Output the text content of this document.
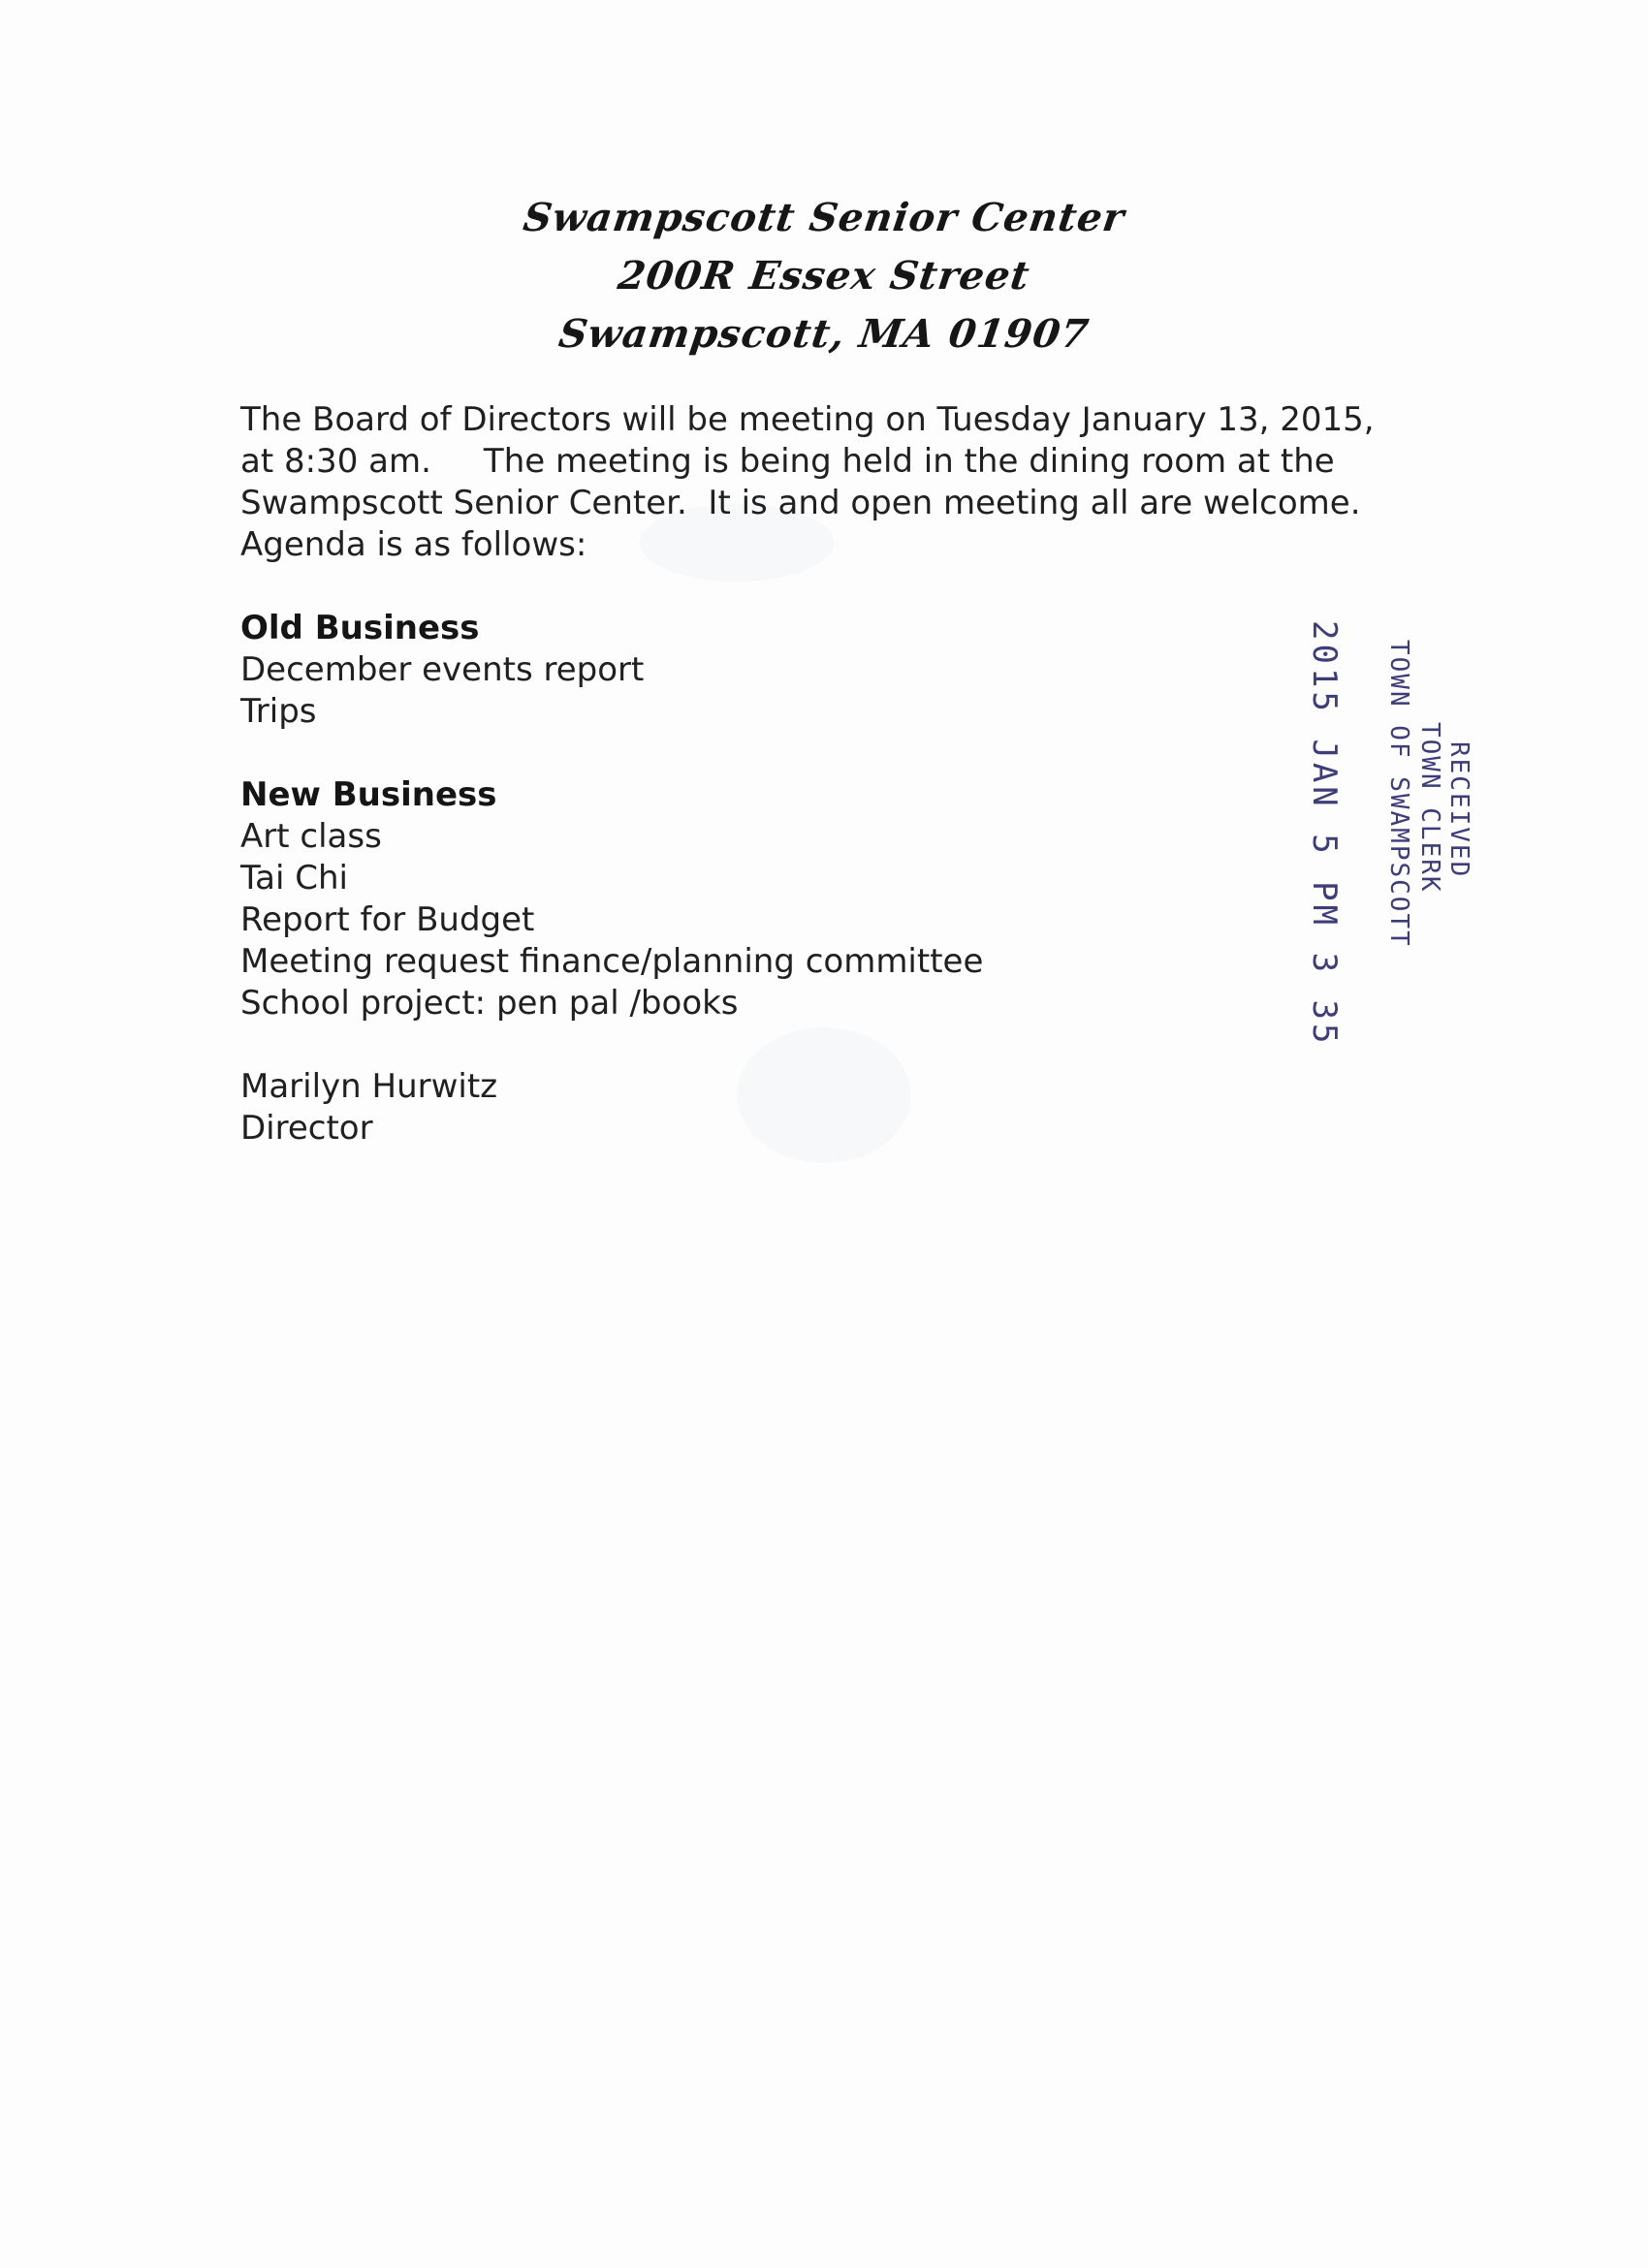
Swampscott Senior Center
200R Essex Street
Swampscott, MA 01907

The Board of Directors will be meeting on Tuesday January 13, 2015,

at 8:30 am.     The meeting is being held in the dining room at the

Swampscott Senior Center.  It is and open meeting all are welcome.

Agenda is as follows:

Old Business

December events report

Trips

New Business

Art class

Tai Chi

Report for Budget

Meeting request finance/planning committee

School project: pen pal /books

Marilyn Hurwitz

Director

RECEIVED
TOWN CLERK
TOWN OF SWAMPSCOTT
2015 JAN 5 PM 3 35
